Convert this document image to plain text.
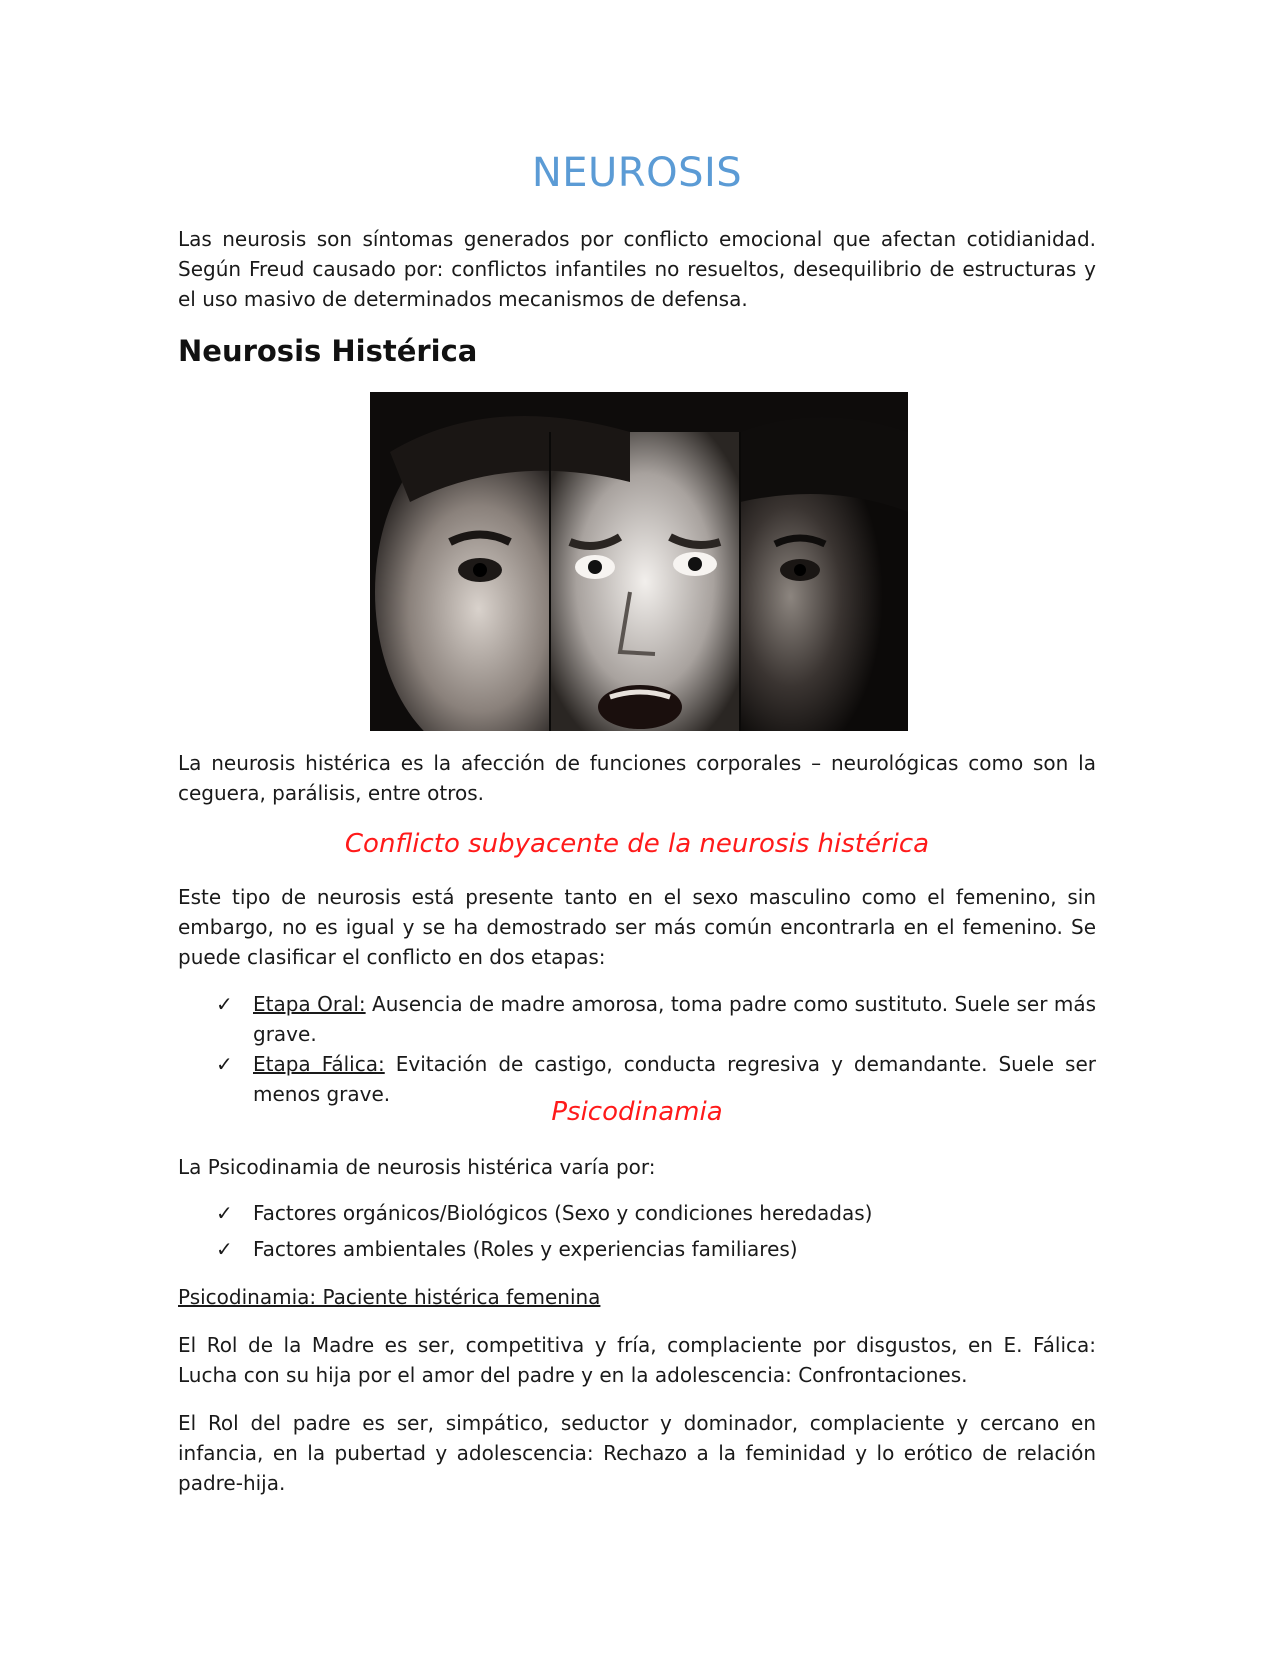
NEUROSIS

Las neurosis son síntomas generados por conflicto emocional que afectan cotidianidad. Según Freud causado por: conflictos infantiles no resueltos, desequilibrio de estructuras y el uso masivo de determinados mecanismos de defensa.

Neurosis Histérica

La neurosis histérica es la afección de funciones corporales – neurológicas como son la ceguera, parálisis, entre otros.

Conflicto subyacente de la neurosis histérica

Este tipo de neurosis está presente tanto en el sexo masculino como el femenino, sin embargo, no es igual y se ha demostrado ser más común encontrarla en el femenino. Se puede clasificar el conflicto en dos etapas:

✓ Etapa Oral: Ausencia de madre amorosa, toma padre como sustituto. Suele ser más grave.
✓ Etapa Fálica: Evitación de castigo, conducta regresiva y demandante. Suele ser menos grave.
Psicodinamia

La Psicodinamia de neurosis histérica varía por:

✓ Factores orgánicos/Biológicos (Sexo y condiciones heredadas)
✓ Factores ambientales (Roles y experiencias familiares)
Psicodinamia: Paciente histérica femenina

El Rol de la Madre es ser, competitiva y fría, complaciente por disgustos, en E. Fálica: Lucha con su hija por el amor del padre y en la adolescencia: Confrontaciones.

El Rol del padre es ser, simpático, seductor y dominador, complaciente y cercano en infancia, en la pubertad y adolescencia: Rechazo a la feminidad y lo erótico de relación padre-hija.
